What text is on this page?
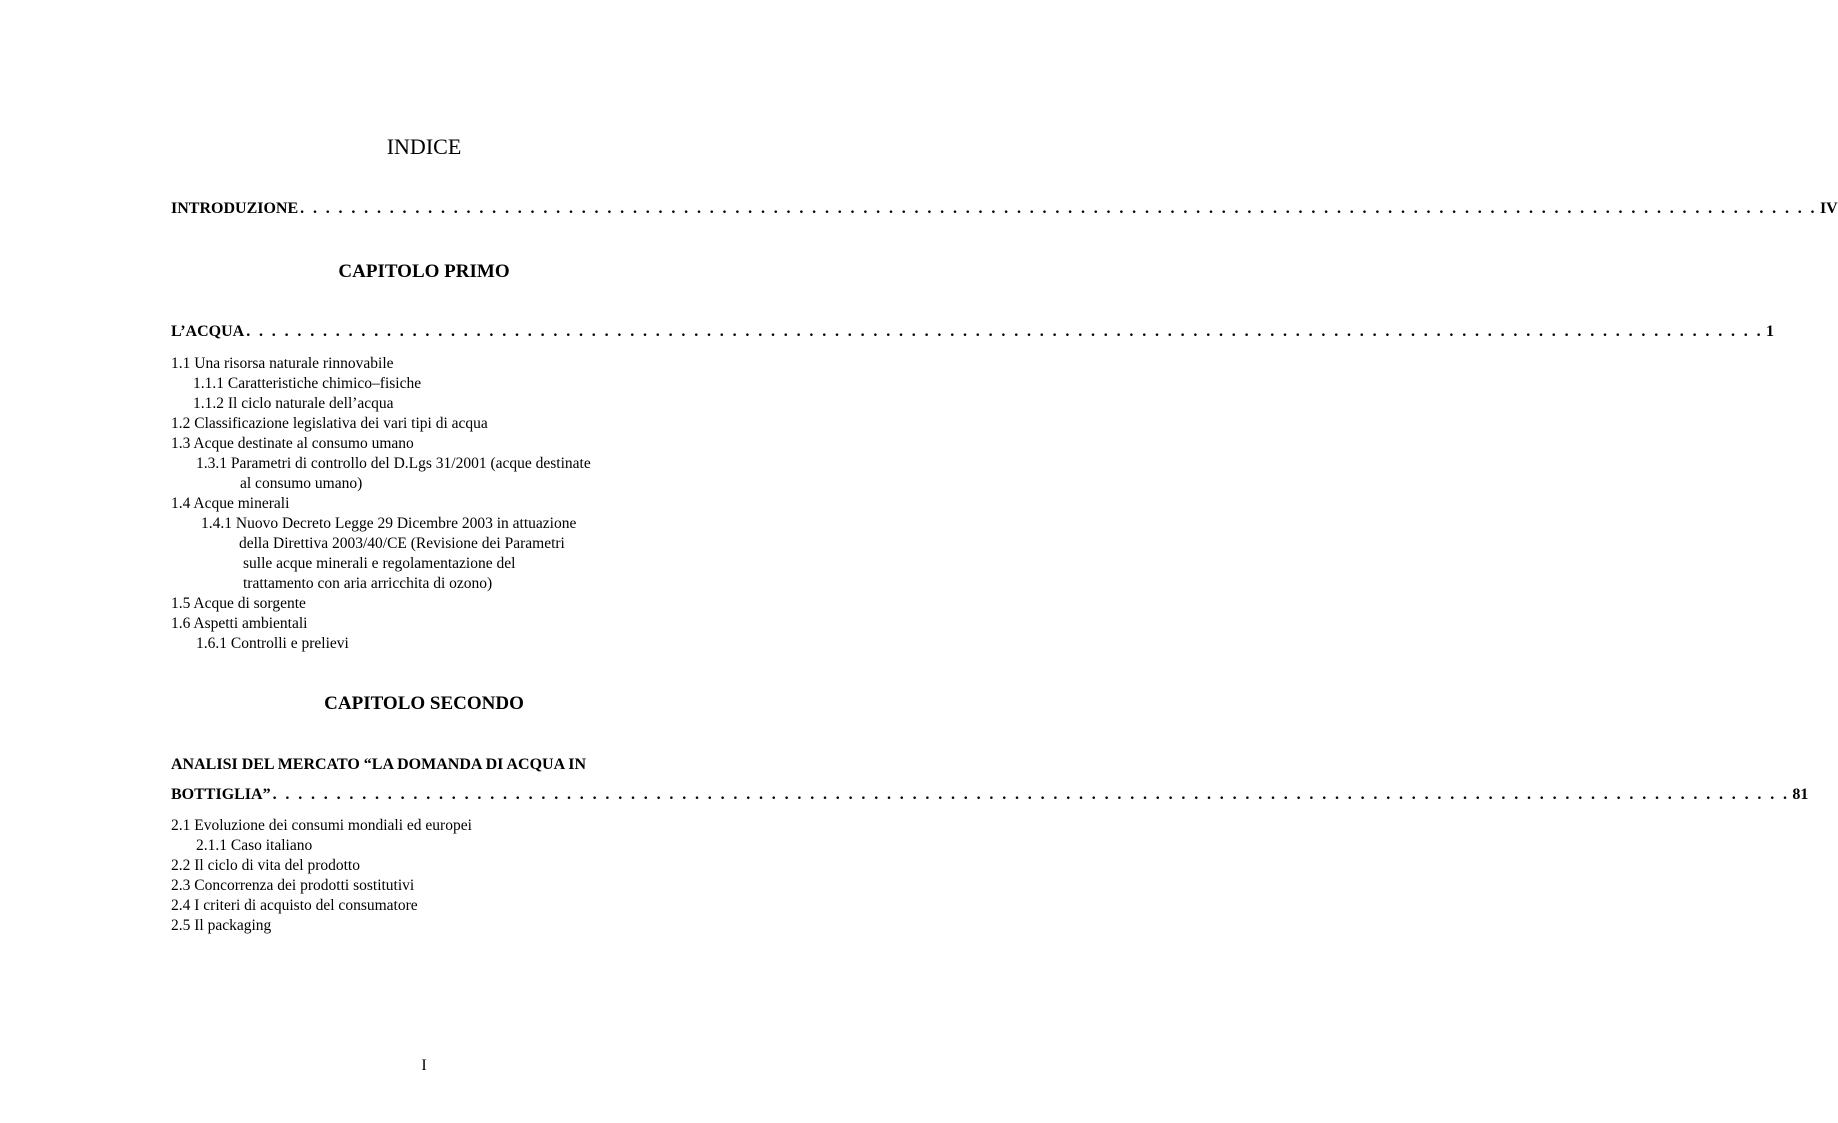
INDICE
INTRODUZIONE . . . . . . . . . . . . . . . . . . . . . . . . . . . . . . . . . . . . . . . . . . . . . . . . . . . . . . . . . . . . . . . . . . . . . . . . . . . . . . . . . . . . . . . . . . . . . . . . . . . . . . . . . . . . . . . . . . . . . . . IV
CAPITOLO PRIMO
L’ACQUA . . . . . . . . . . . . . . . . . . . . . . . . . . . . . . . . . . . . . . . . . . . . . . . . . . . . . . . . . . . . . . . . . . . . . . . . . . . . . . . . . . . . . . . . . . . . . . . . . . . . . . . . . . . . . . . . . . . . . . . 1
1.1 Una risorsa naturale rinnovabile
1.1.1 Caratteristiche chimico–fisiche
1.1.2 Il ciclo naturale dell’acqua
1.2 Classificazione legislativa dei vari tipi di acqua
1.3 Acque destinate al consumo umano
1.3.1 Parametri di controllo del D.Lgs 31/2001 (acque destinate
al consumo umano)
1.4 Acque minerali
1.4.1 Nuovo Decreto Legge 29 Dicembre 2003 in attuazione
della Direttiva 2003/40/CE (Revisione dei Parametri
sulle acque minerali e regolamentazione del
trattamento con aria arricchita di ozono)
1.5 Acque di sorgente
1.6 Aspetti ambientali
1.6.1 Controlli e prelievi
CAPITOLO SECONDO
ANALISI DEL MERCATO “LA DOMANDA DI ACQUA IN
BOTTIGLIA” . . . . . . . . . . . . . . . . . . . . . . . . . . . . . . . . . . . . . . . . . . . . . . . . . . . . . . . . . . . . . . . . . . . . . . . . . . . . . . . . . . . . . . . . . . . . . . . . . . . . . . . . . . . . . . . . . . . . . . . 81
2.1 Evoluzione dei consumi mondiali ed europei
2.1.1 Caso italiano
2.2 Il ciclo di vita del prodotto
2.3 Concorrenza dei prodotti sostitutivi
2.4 I criteri di acquisto del consumatore
2.5 Il packaging
I
